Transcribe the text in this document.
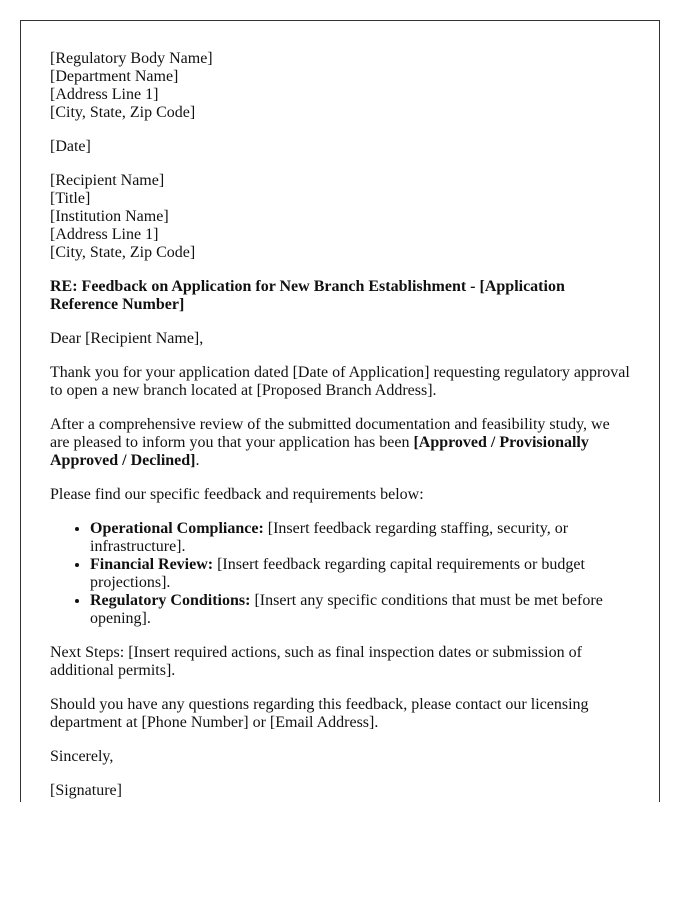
[Regulatory Body Name]
[Department Name]
[Address Line 1]
[City, State, Zip Code]

[Date]

[Recipient Name]
[Title]
[Institution Name]
[Address Line 1]
[City, State, Zip Code]

RE: Feedback on Application for New Branch Establishment - [Application Reference Number]

Dear [Recipient Name],

Thank you for your application dated [Date of Application] requesting regulatory approval to open a new branch located at [Proposed Branch Address].

After a comprehensive review of the submitted documentation and feasibility study, we are pleased to inform you that your application has been [Approved / Provisionally Approved / Declined].

Please find our specific feedback and requirements below:

• Operational Compliance: [Insert feedback regarding staffing, security, or infrastructure].
• Financial Review: [Insert feedback regarding capital requirements or budget projections].
• Regulatory Conditions: [Insert any specific conditions that must be met before opening].

Next Steps: [Insert required actions, such as final inspection dates or submission of additional permits].

Should you have any questions regarding this feedback, please contact our licensing department at [Phone Number] or [Email Address].

Sincerely,

[Signature]
